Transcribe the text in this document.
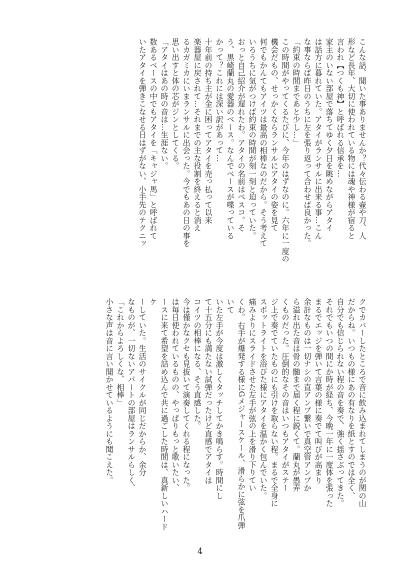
こんな話、聞いた事ありませんか？代々伝わる壷や刀、人

形など長年、大切に使われている物には魂や神様が宿ると

言われ【つくも神】と呼ばれる信承を…

家主のいない部屋で落ちてゆく夕日を眺めながらアタイ

は話方に暮れていた。アタイがランサルに出来る事…こん

な事ならば昨日のうちに左を張り返って合わせば良かった。

「約束の時間まであと少し…」

この時間がやってくるたびに、今年のはずなのに。六年に一度の

機会だもの、せっかくならランサルにアタイの姿を見て

何でもかんてもアイツは最高の相棒なのだから。そう考えて

いろうちに気がつけば約束の時間が刻一刻と迫っていた。

おっと自己紹介が遅れたわ。アタイの名前はベスコ。そ

う、黒崎蘭丸の愛器のベース。なんでベースが喋っている

かって？これには深い訳があって…

十年前の持ち主が金に困ってアタイを売っ払って以来

楽器屋に戻されて…それまでの主な役割を終えると消え

るカガミカにいまランサルに出会った。今でもあの日の事を

思い出すと体の芯がジンとしてくる。

「アタイはあの時の音は…生涯ない。

数あるベースの中でもアタイを「キャジャ馬」と呼ばれて

いたアタイを弾きこなせる日はずがない、小手先のテクニッ

クでカバーしたところで音に飲み込まれてしまうのが関の山

だからね。いつもの様にあの有なりを紙とすのでは全く、

自分でも信じられない程の音を奏で、強く揺さぶってきた。

それでもいつの間にか時が経ち、今晩一年に一度体を張った

まるでエッジを弾いて言葉の様に奏でて叫びが高まり

余計なものは一切ナシの直アンプ繋いで真空管アンプか

ら溢れ出た音は骨の髄まで届く程に鋭くて。蘭丸が愚弄

くものだった。圧倒的なその音はいつもアタイがステー

ジ上で奏でていたものにも引けを取らない程。まるで全身に

スポットライトを浴びた様にアタイを温かく包んでいた。

痛みよりにスライドさせた左手が弦の上を滑り下りてい

くわ。右手が爆発する様にGメジャースケール、滑らかに弦を爪弾いて

いた左手が今度は激しくタッチしてかき鳴らす。時間にし

て十五分にも満たない試弾だったけど直感でアタイは

コイツの相棒になる、そう直感した。

今は僅かなクセも見抜いて演奏してくれる程になった。

は毎日使われているものの、やっぱりもっと歌いたい、

ースに来て希望を詰め込んで共に過ごした時間は、真新しいハードケ

ーしていた。生活のサイクルが同じだからか、余分

なものが、一切ないアパートの部屋はランサルらしく、

「これからよろしくな、相棒」

小さな声は音に言い聞かせているようにも聞こえた。

4
